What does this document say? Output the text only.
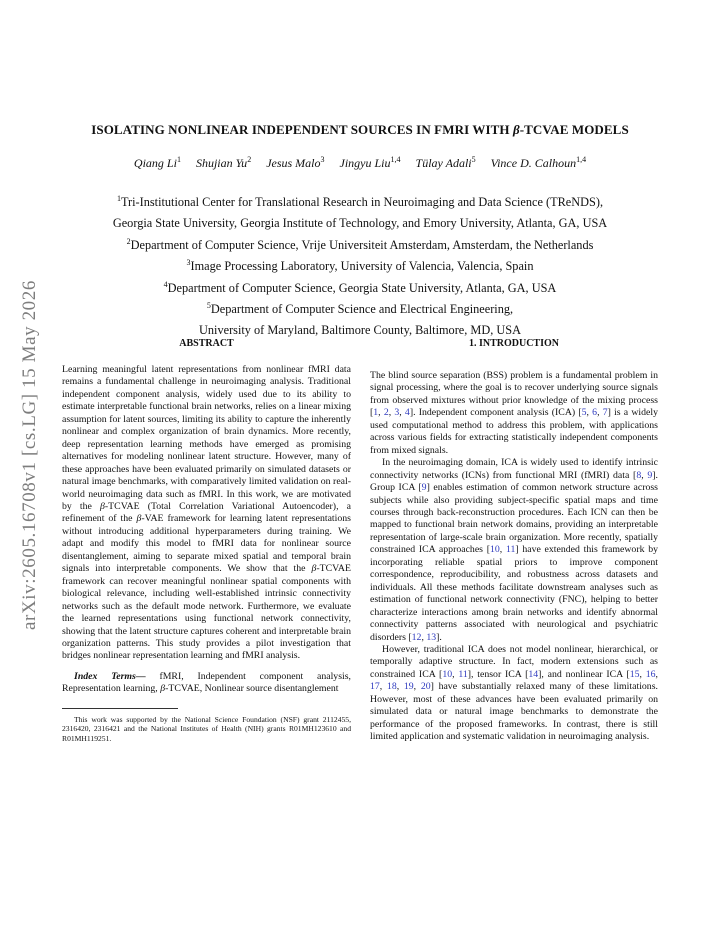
arXiv:2605.16708v1 [cs.LG] 15 May 2026
ISOLATING NONLINEAR INDEPENDENT SOURCES IN FMRI WITH β-TCVAE MODELS
Qiang Li$^1$ Shujian Yu$^2$ Jesus Malo$^3$ Jingyu Liu$^{1,4}$ Tülay Adali$^5$ Vince D. Calhoun$^{1,4}$
$^1$Tri-Institutional Center for Translational Research in Neuroimaging and Data Science (TReNDS),
Georgia State University, Georgia Institute of Technology, and Emory University, Atlanta, GA, USA
$^2$Department of Computer Science, Vrije Universiteit Amsterdam, Amsterdam, the Netherlands
$^3$Image Processing Laboratory, University of Valencia, Valencia, Spain
$^4$Department of Computer Science, Georgia State University, Atlanta, GA, USA
$^5$Department of Computer Science and Electrical Engineering,
University of Maryland, Baltimore County, Baltimore, MD, USA
ABSTRACT

Learning meaningful latent representations from nonlinear fMRI data remains a fundamental challenge in neuroimaging analysis. Traditional independent component analysis, widely used due to its ability to estimate interpretable functional brain networks, relies on a linear mixing assumption for latent sources, limiting its ability to capture the inherently nonlinear and complex organization of brain dynamics. More recently, deep representation learning methods have emerged as promising alternatives for modeling nonlinear latent structure. However, many of these approaches have been evaluated primarily on simulated datasets or natural image benchmarks, with comparatively limited validation on real-world neuroimaging data such as fMRI. In this work, we are motivated by the β-TCVAE (Total Correlation Variational Autoencoder), a refinement of the β-VAE framework for learning latent representations without introducing additional hyperparameters during training. We adapt and modify this model to fMRI data for nonlinear source disentanglement, aiming to separate mixed spatial and temporal brain signals into interpretable components. We show that the β-TCVAE framework can recover meaningful nonlinear spatial components with biological relevance, including well-established intrinsic connectivity networks such as the default mode network. Furthermore, we evaluate the learned representations using functional network connectivity, showing that the latent structure captures coherent and interpretable brain organization patterns. This study provides a pilot investigation that bridges nonlinear representation learning and fMRI analysis.

Index Terms— fMRI, Independent component analysis, Representation learning, β-TCVAE, Nonlinear source disentanglement

This work was supported by the National Science Foundation (NSF) grant 2112455, 2316420, 2316421 and the National Institutes of Health (NIH) grants R01MH123610 and R01MH119251.

1. INTRODUCTION

The blind source separation (BSS) problem is a fundamental problem in signal processing, where the goal is to recover underlying source signals from observed mixtures without prior knowledge of the mixing process [1, 2, 3, 4]. Independent component analysis (ICA) [5, 6, 7] is a widely used computational method to address this problem, with applications across various fields for extracting statistically independent components from mixed signals.

In the neuroimaging domain, ICA is widely used to identify intrinsic connectivity networks (ICNs) from functional MRI (fMRI) data [8, 9]. Group ICA [9] enables estimation of common network structure across subjects while also providing subject-specific spatial maps and time courses through back-reconstruction procedures. Each ICN can then be mapped to functional brain network domains, providing an interpretable representation of large-scale brain organization. More recently, spatially constrained ICA approaches [10, 11] have extended this framework by incorporating reliable spatial priors to improve component correspondence, reproducibility, and robustness across datasets and individuals. All these methods facilitate downstream analyses such as estimation of functional network connectivity (FNC), helping to better characterize interactions among brain networks and identify abnormal connectivity patterns associated with neurological and psychiatric disorders [12, 13].

However, traditional ICA does not model nonlinear, hierarchical, or temporally adaptive structure. In fact, modern extensions such as constrained ICA [10, 11], tensor ICA [14], and nonlinear ICA [15, 16, 17, 18, 19, 20] have substantially relaxed many of these limitations. However, most of these advances have been evaluated primarily on simulated data or natural image benchmarks to demonstrate the performance of the proposed frameworks. In contrast, there is still limited application and systematic validation in neuroimaging analysis.
